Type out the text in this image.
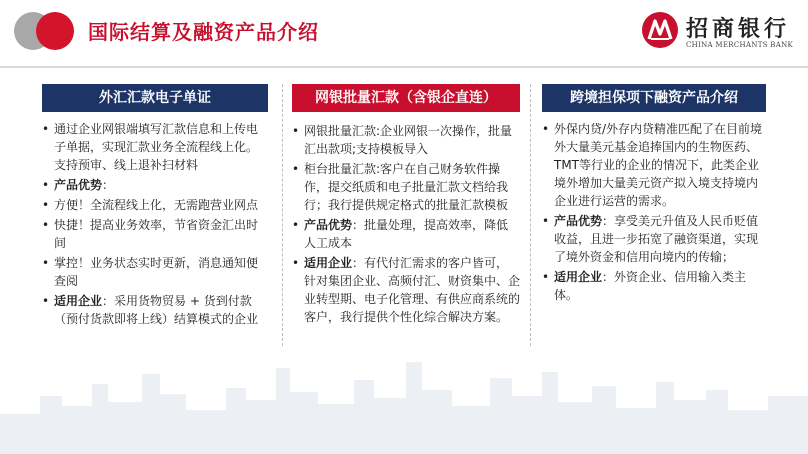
国际结算及融资产品介绍	招商银行
CHINA MERCHANTS BANK
外汇汇款电子单证
• 通过企业网银端填写汇款信息和上传电子单据，实现汇款业务全流程线上化。 支持预审、线上退补扫材料
• 产品优势：
• 方便！全流程线上化，无需跑营业网点
• 快捷！提高业务效率，节省资金汇出时间
• 掌控！业务状态实时更新，消息通知便查阅
• 适用企业：采用货物贸易 + 货到付款（预付货款即将上线）结算模式的企业
网银批量汇款（含银企直连）
• 网银批量汇款:企业网银一次操作，批量汇出款项;支持模板导入
• 柜台批量汇款:客户在自己财务软件操作，提交纸质和电子批量汇款文档给我行；我行提供规定格式的批量汇款模板
• 产品优势：批量处理，提高效率，降低人工成本
• 适用企业：有代付汇需求的客户皆可，针对集团企业、高频付汇、财资集中、企业转型期、电子化管理、有供应商系统的客户，我行提供个性化综合解决方案。
跨境担保项下融资产品介绍
• 外保内贷/外存内贷精准匹配了在目前境外大量美元基金追捧国内的生物医药、TMT等行业的企业的情况下，此类企业境外增加大量美元资产拟入境支持境内企业进行运营的需求。
• 产品优势：享受美元升值及人民币贬值收益，且进一步拓宽了融资渠道，实现了境外资金和信用向境内的传输；
• 适用企业：外资企业、信用输入类主体。
